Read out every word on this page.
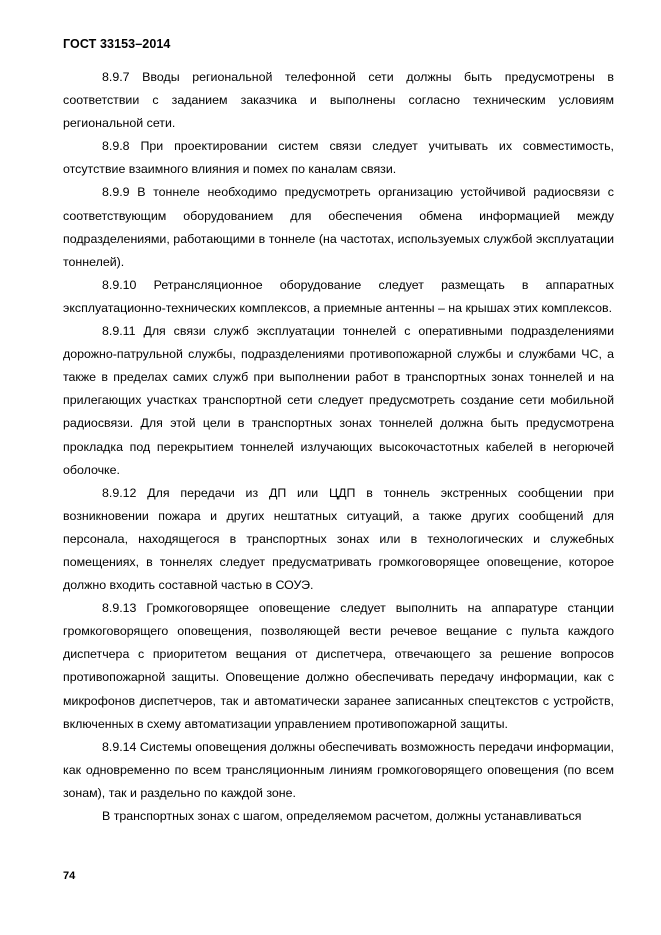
ГОСТ 33153–2014

8.9.7 Вводы региональной телефонной сети должны быть предусмотрены в соответствии с заданием заказчика и выполнены согласно техническим условиям региональной сети.

8.9.8 При проектировании систем связи следует учитывать их совместимость, отсутствие взаимного влияния и помех по каналам связи.

8.9.9 В тоннеле необходимо предусмотреть организацию устойчивой радиосвязи с соответствующим оборудованием для обеспечения обмена информацией между подразделениями, работающими в тоннеле (на частотах, используемых службой эксплуатации тоннелей).

8.9.10 Ретрансляционное оборудование следует размещать в аппаратных эксплуатационно-технических комплексов, а приемные антенны – на крышах этих комплексов.

8.9.11 Для связи служб эксплуатации тоннелей с оперативными подразделениями дорожно-патрульной службы, подразделениями противопожарной службы и службами ЧС, а также в пределах самих служб при выполнении работ в транспортных зонах тоннелей и на прилегающих участках транспортной сети следует предусмотреть создание сети мобильной радиосвязи. Для этой цели в транспортных зонах тоннелей должна быть предусмотрена прокладка под перекрытием тоннелей излучающих высокочастотных кабелей в негорючей оболочке.

8.9.12 Для передачи из ДП или ЦДП в тоннель экстренных сообщении при возникновении пожара и других нештатных ситуаций, а также других сообщений для персонала, находящегося в транспортных зонах или в технологических и служебных помещениях, в тоннелях следует предусматривать громкоговорящее оповещение, которое должно входить составной частью в СОУЭ.

8.9.13 Громкоговорящее оповещение следует выполнить на аппаратуре станции громкоговорящего оповещения, позволяющей вести речевое вещание с пульта каждого диспетчера с приоритетом вещания от диспетчера, отвечающего за решение вопросов противопожарной защиты. Оповещение должно обеспечивать передачу информации, как с микрофонов диспетчеров, так и автоматически заранее записанных спецтекстов с устройств, включенных в схему автоматизации управлением противопожарной защиты.

8.9.14 Системы оповещения должны обеспечивать возможность передачи информации, как одновременно по всем трансляционным линиям громкоговорящего оповещения (по всем зонам), так и раздельно по каждой зоне.

В транспортных зонах с шагом, определяемом расчетом, должны устанавливаться

74
